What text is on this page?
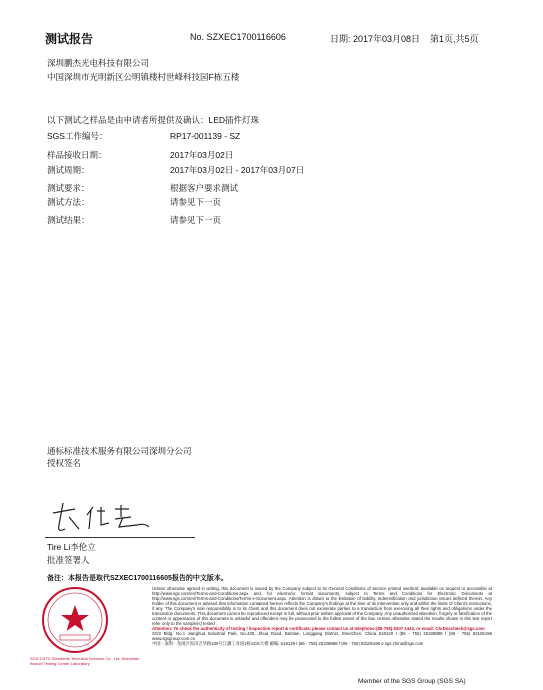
测试报告	No. SZXEC1700116606	日期: 2017年03月08日 第1页,共5页
深圳鹏杰光电科技有限公司
中国深圳市光明新区公明镇楼村世峰科技园F栋五楼
以下测试之样品是由申请者所提供及确认：LED插件灯珠
SGS工作编号：	RP17-001139 - SZ
样品接收日期：	2017年03月02日
测试周期：	2017年03月02日 - 2017年03月07日
测试要求：	根据客户要求测试
测试方法：	请参见下一页
测试结果：	请参见下一页
通标标准技术服务有限公司深圳分公司
授权签名
Tire Li李伦立
批准签署人
备注：本报告是取代SZXEC1700116605报告的中文版本。
SGS-CSTC Standards Technical Services Co., Ltd. Shenzhen Branch Testing Center Laboratory
Unless otherwise agreed in writing, this document is issued by the Company subject to its General Conditions of Service printed overleaf, available on request or accessible at http://www.sgs.com/en/Terms-and-Conditions.aspx and, for electronic format documents, subject to Terms and Conditions for Electronic Documents at http://www.sgs.com/en/Terms-and-Conditions/Terms-e-Document.aspx. Attention is drawn to the limitation of liability, indemnification and jurisdiction issues defined therein. Any holder of this document is advised that information contained hereon reflects the Company's findings at the time of its intervention only and within the limits of Client's instructions, if any. The Company's sole responsibility is to its Client and this document does not exonerate parties to a transaction from exercising all their rights and obligations under the transaction documents. This document cannot be reproduced except in full, without prior written approval of the Company. Any unauthorized alteration, forgery or falsification of the content or appearance of this document is unlawful and offenders may be prosecuted to the fullest extent of the law. Unless otherwise stated the results shown in this test report refer only to the sample(s) tested .
Attention: To check the authenticity of testing / inspection report & certificate, please contact us at telephone:(86-755) 8307 1443, or email: CN.Doccheck@sgs.com
SGS Bldg. No.1 Jianghua Industrial Park, No.430, Jihua Road, Bantian, Longgang District, Shenzhen, China 518129 t (86 - 755) 25328888 f (86 - 755) 83106196 www.sgsgroup.com.cn
中国 · 深圳 · 龙岗区坂田吉华路430号江灏工业园1栋SGS大楼 邮编: 518129 t (86 - 755) 25328888 f (86 - 755) 83106196 e sgs.china@sgs.com
Member of the SGS Group (SGS SA)
